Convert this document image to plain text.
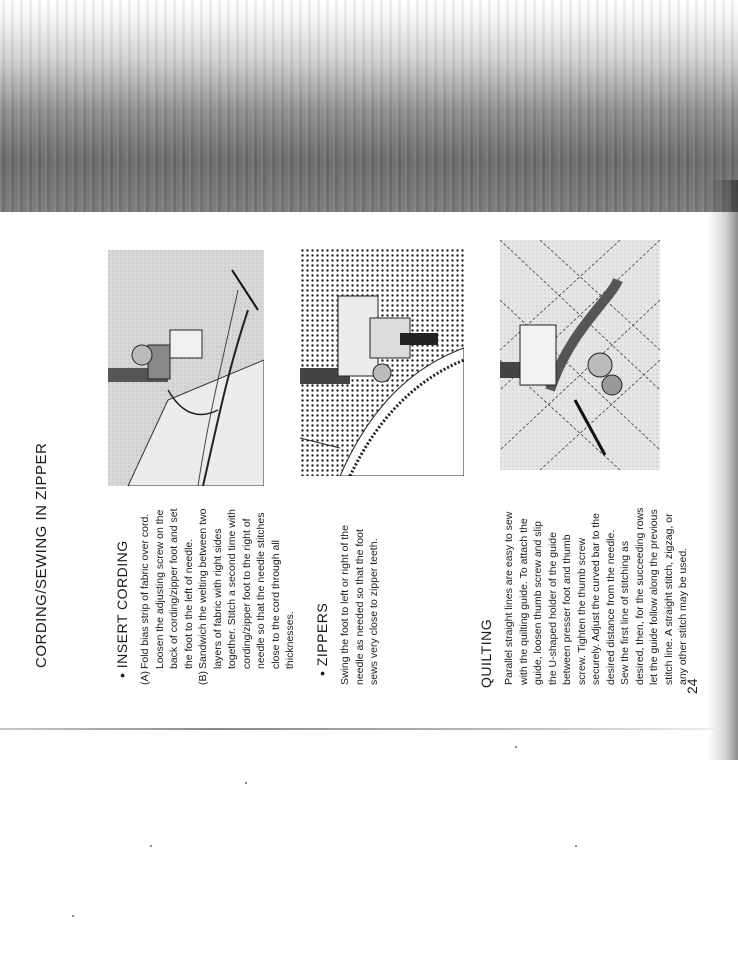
CORDING/SEWING IN ZIPPER	• INSERT CORDING (A)
Fold bias strip of fabric over cord. Loosen the adjusting screw on the back of cording/zipper foot and set the foot to the left of needle.
(B)
Sandwich the welting between two layers of fabric with right sides together. Stitch a second time with cording/zipper foot to the right of needle so that the needle stitches close to the cord through all thicknesses. • ZIPPERS Swing the foot to left or right of the needle as needed so that the foot sews very close to zipper teeth.	QUILTING Parallel straight lines are easy to sew with the quilting guide. To attach the guide, loosen thumb screw and slip the U-shaped holder of the guide between presser foot and thumb screw. Tighten the thumb screw securely. Adjust the curved bar to the desired distance from the needle. Sew the first line of stitching as desired, then, for the succeeding rows let the guide follow along the previous stitch line. A straight stitch, zigzag, or any other stitch may be used.

24
